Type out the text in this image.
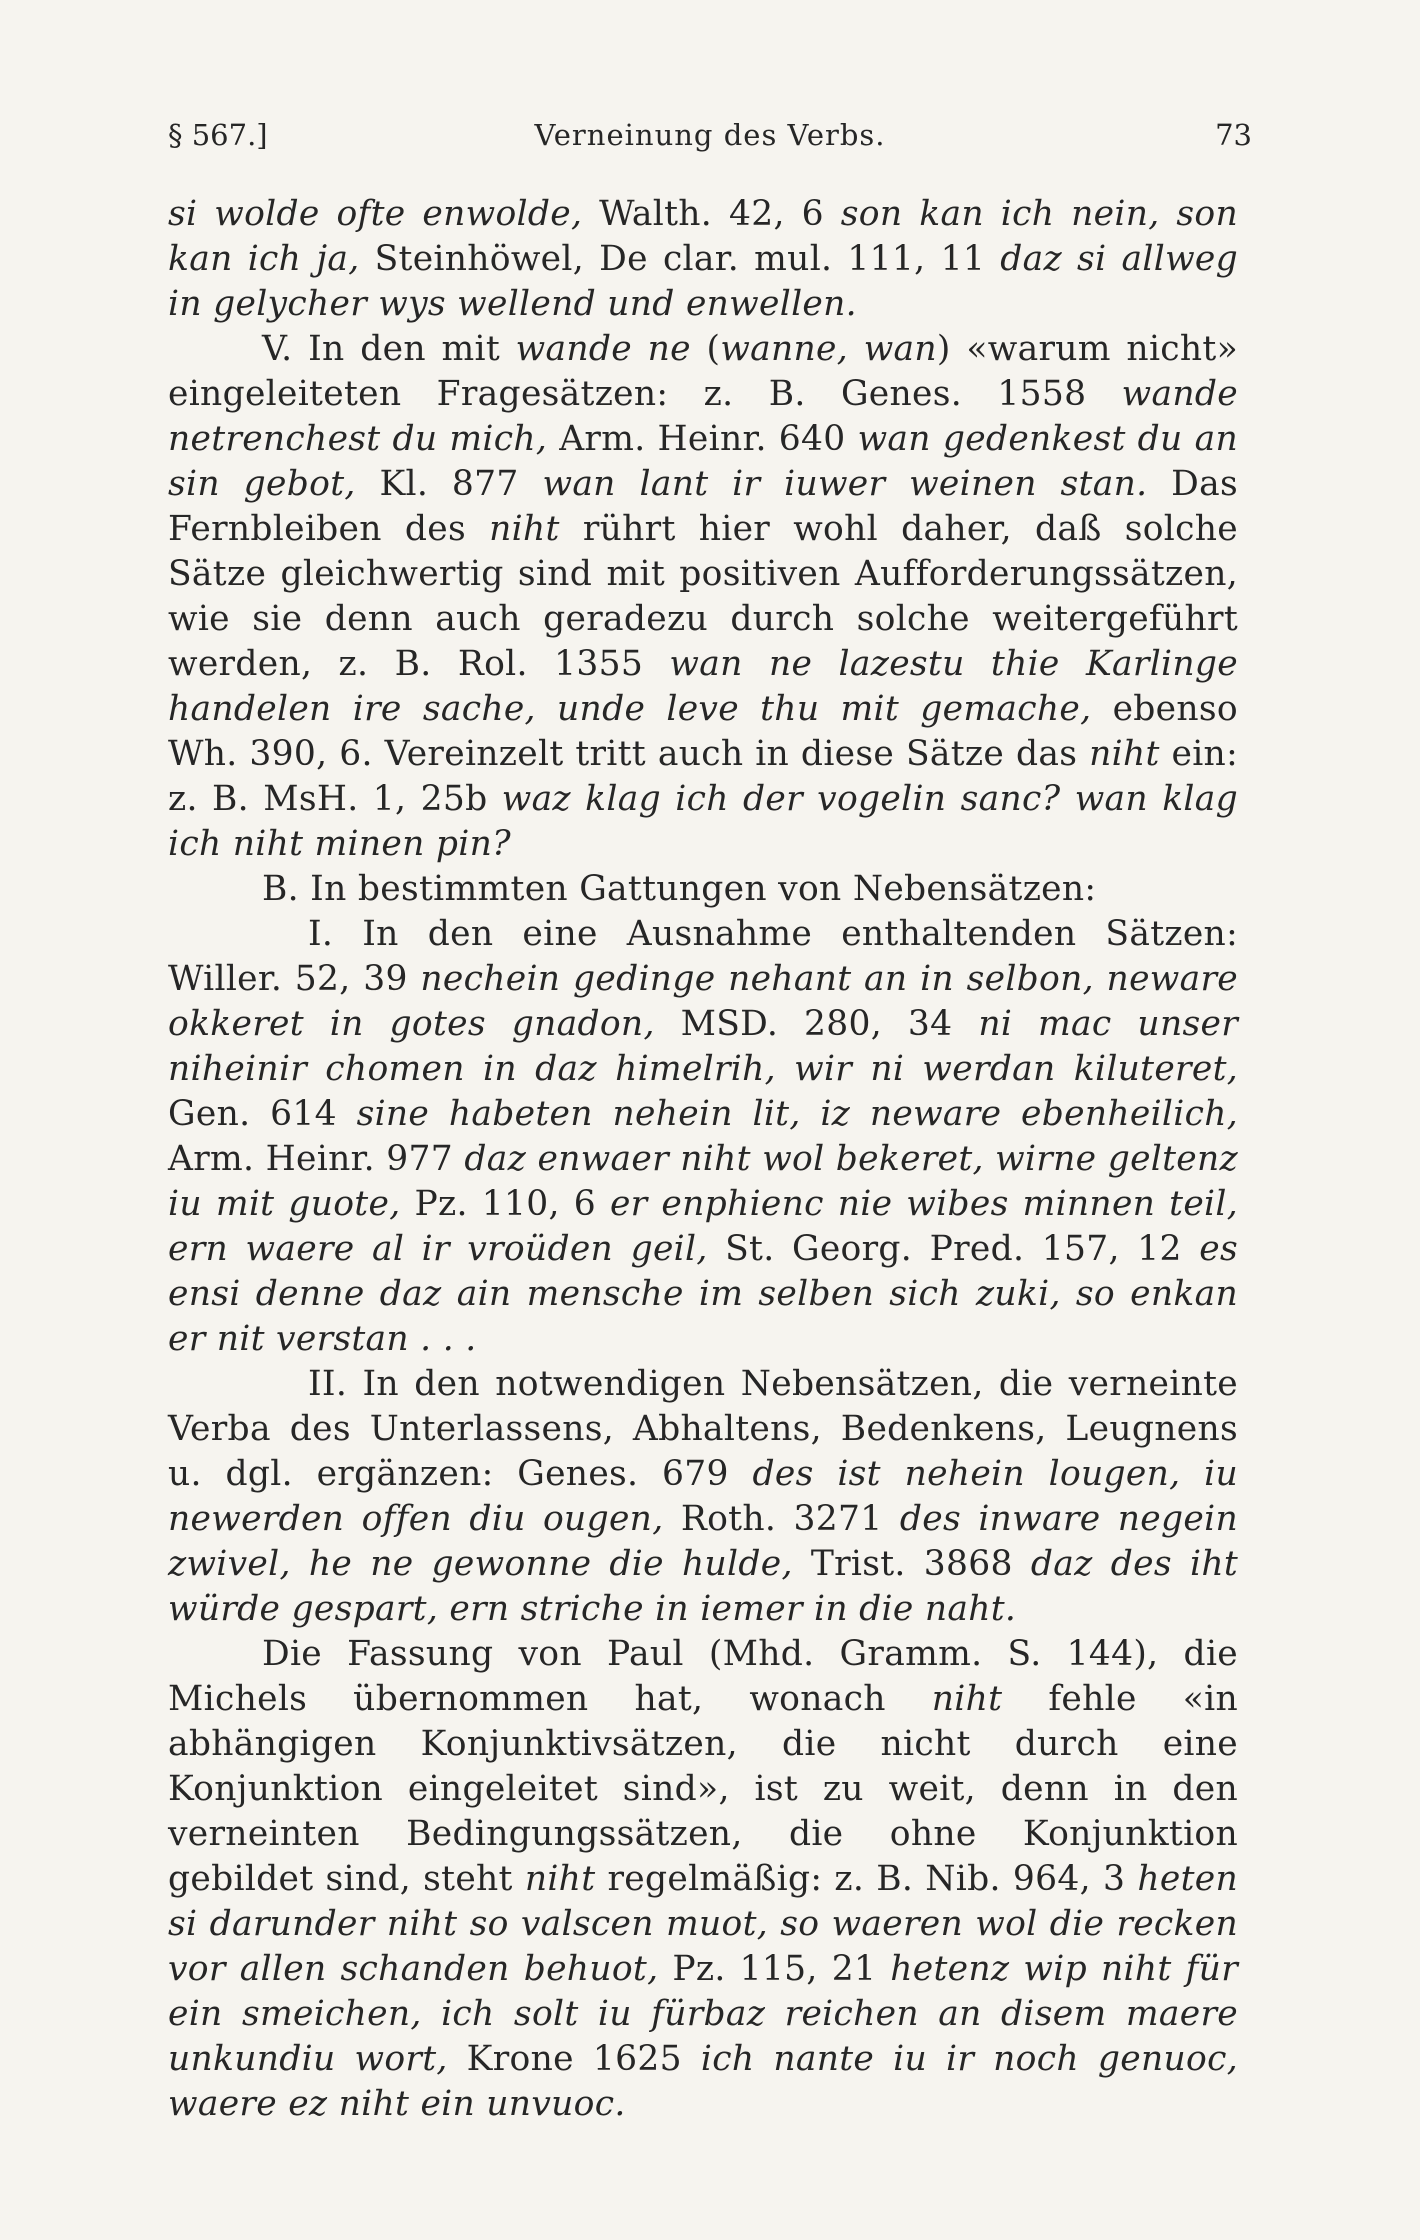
§ 567.]	Verneinung des Verbs.	73

si wolde ofte enwolde, Walth. 42, 6 son kan ich nein, son kan ich ja, Steinhöwel, De clar. mul. 111, 11 daz si allweg in gelycher wys wellend und enwellen.

V. In den mit wande ne (wanne, wan) «warum nicht» eingeleiteten Fragesätzen: z. B. Genes. 1558 wande netrenchest du mich, Arm. Heinr. 640 wan gedenkest du an sin gebot, Kl. 877 wan lant ir iuwer weinen stan. Das Fernbleiben des niht rührt hier wohl daher, daß solche Sätze gleichwertig sind mit positiven Aufforderungssätzen, wie sie denn auch geradezu durch solche weitergeführt werden, z. B. Rol. 1355 wan ne lazestu thie Karlinge handelen ire sache, unde leve thu mit gemache, ebenso Wh. 390, 6. Vereinzelt tritt auch in diese Sätze das niht ein: z. B. MsH. 1, 25b waz klag ich der vogelin sanc? wan klag ich niht minen pin?

B. In bestimmten Gattungen von Nebensätzen:

I. In den eine Ausnahme enthaltenden Sätzen: Willer. 52, 39 nechein gedinge nehant an in selbon, neware okkeret in gotes gnadon, MSD. 280, 34 ni mac unser niheinir chomen in daz himelrih, wir ni werdan kiluteret, Gen. 614 sine habeten nehein lit, iz neware ebenheilich, Arm. Heinr. 977 daz enwaer niht wol bekeret, wirne geltenz iu mit guote, Pz. 110, 6 er enphienc nie wibes minnen teil, ern waere al ir vroüden geil, St. Georg. Pred. 157, 12 es ensi denne daz ain mensche im selben sich zuki, so enkan er nit verstan . . .

II. In den notwendigen Nebensätzen, die verneinte Verba des Unterlassens, Abhaltens, Bedenkens, Leugnens u. dgl. ergänzen: Genes. 679 des ist nehein lougen, iu newerden offen diu ougen, Roth. 3271 des inware negein zwivel, he ne gewonne die hulde, Trist. 3868 daz des iht würde gespart, ern striche in iemer in die naht.

Die Fassung von Paul (Mhd. Gramm. S. 144), die Michels übernommen hat, wonach niht fehle «in abhängigen Konjunktivsätzen, die nicht durch eine Konjunktion eingeleitet sind», ist zu weit, denn in den verneinten Bedingungssätzen, die ohne Konjunktion gebildet sind, steht niht regelmäßig: z. B. Nib. 964, 3 heten si darunder niht so valscen muot, so waeren wol die recken vor allen schanden behuot, Pz. 115, 21 hetenz wip niht für ein smeichen, ich solt iu fürbaz reichen an disem maere unkundiu wort, Krone 1625 ich nante iu ir noch genuoc, waere ez niht ein unvuoc.
